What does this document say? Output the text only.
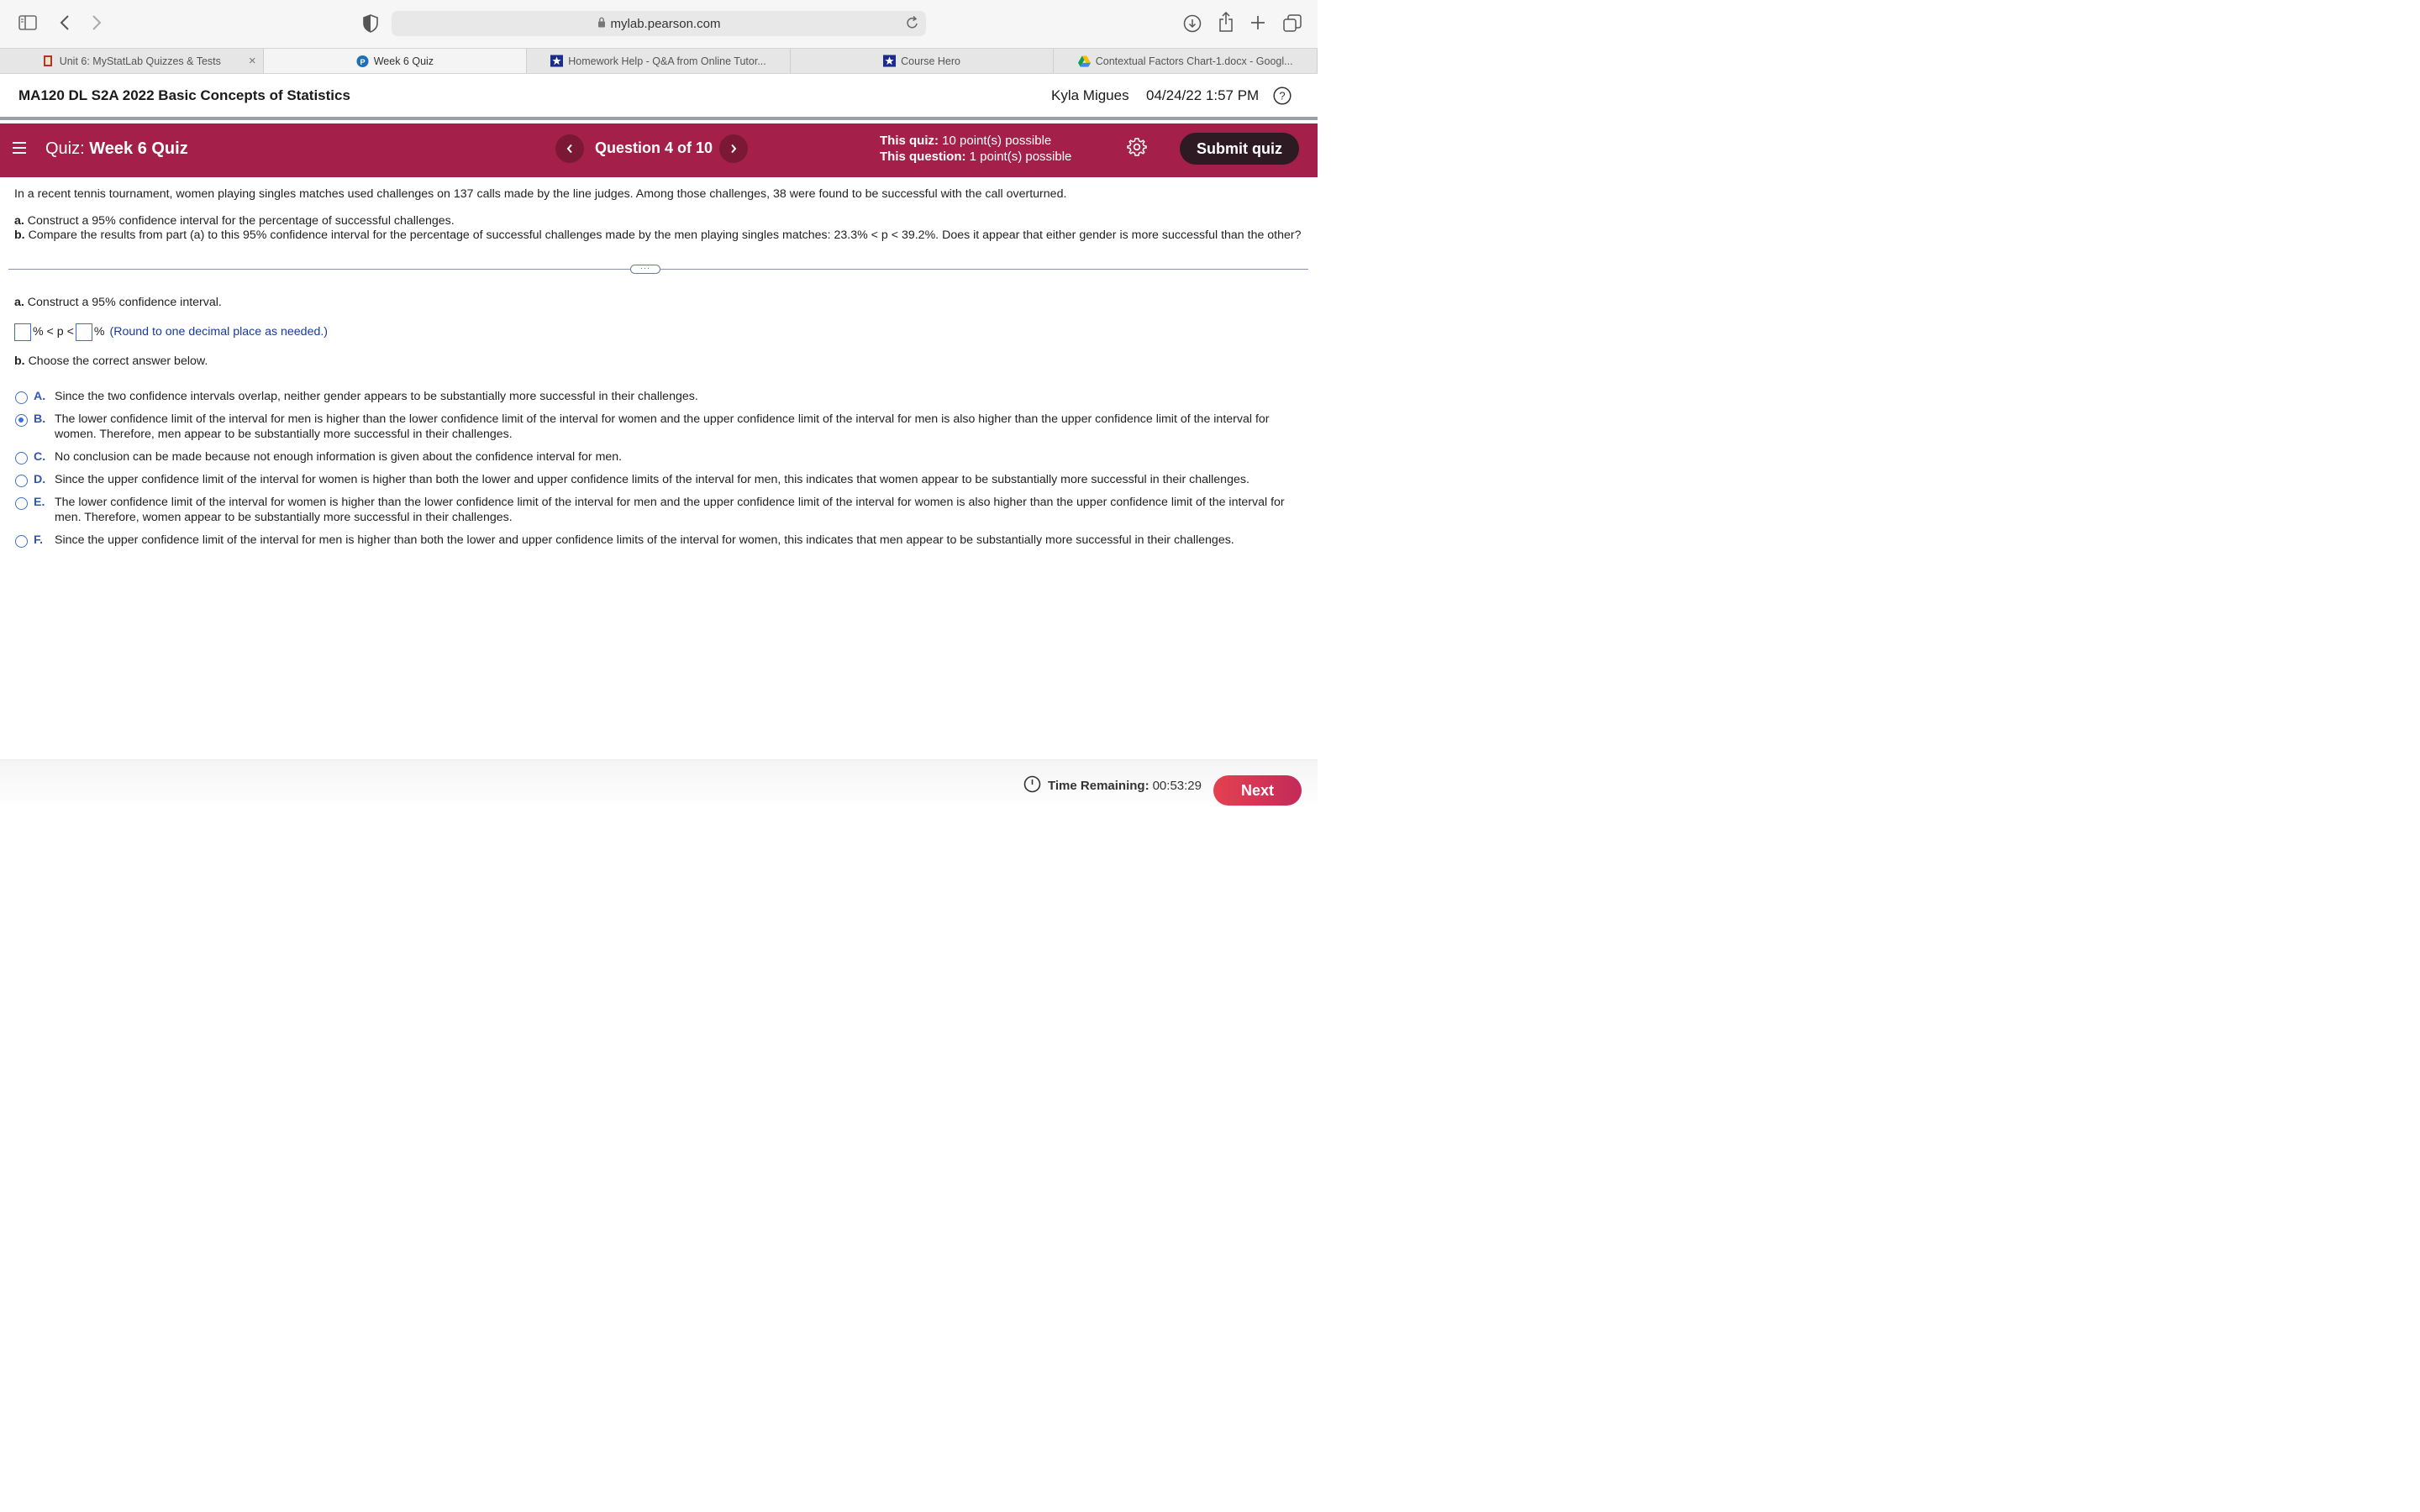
mylab.pearson.com
Unit 6: MyStatLab Quizzes & Tests ×	P Week 6 Quiz	Homework Help - Q&A from Online Tutor...	Course Hero	Contextual Factors Chart-1.docx - Googl...
MA120 DL S2A 2022 Basic Concepts of Statistics	Kyla Migues 04/24/22 1:57 PM ?
Quiz: Week 6 Quiz	Question 4 of 10	This quiz: 10 point(s) possible
This question: 1 point(s) possible	Submit quiz
In a recent tennis tournament, women playing singles matches used challenges on 137 calls made by the line judges. Among those challenges, 38 were found to be successful with the call overturned.
a. Construct a 95% confidence interval for the percentage of successful challenges.
b. Compare the results from part (a) to this 95% confidence interval for the percentage of successful challenges made by the men playing singles matches: 23.3% < p < 39.2%. Does it appear that either gender is more successful than the other?
···
a. Construct a 95% confidence interval.
% < p < % (Round to one decimal place as needed.)
b. Choose the correct answer below.
A. Since the two confidence intervals overlap, neither gender appears to be substantially more successful in their challenges.
B. The lower confidence limit of the interval for men is higher than the lower confidence limit of the interval for women and the upper confidence limit of the interval for men is also higher than the upper confidence limit of the interval for women. Therefore, men appear to be substantially more successful in their challenges.
C. No conclusion can be made because not enough information is given about the confidence interval for men.
D. Since the upper confidence limit of the interval for women is higher than both the lower and upper confidence limits of the interval for men, this indicates that women appear to be substantially more successful in their challenges.
E. The lower confidence limit of the interval for women is higher than the lower confidence limit of the interval for men and the upper confidence limit of the interval for women is also higher than the upper confidence limit of the interval for men. Therefore, women appear to be substantially more successful in their challenges.
F. Since the upper confidence limit of the interval for men is higher than both the lower and upper confidence limits of the interval for women, this indicates that men appear to be substantially more successful in their challenges.
Time Remaining: 00:53:29	Next
